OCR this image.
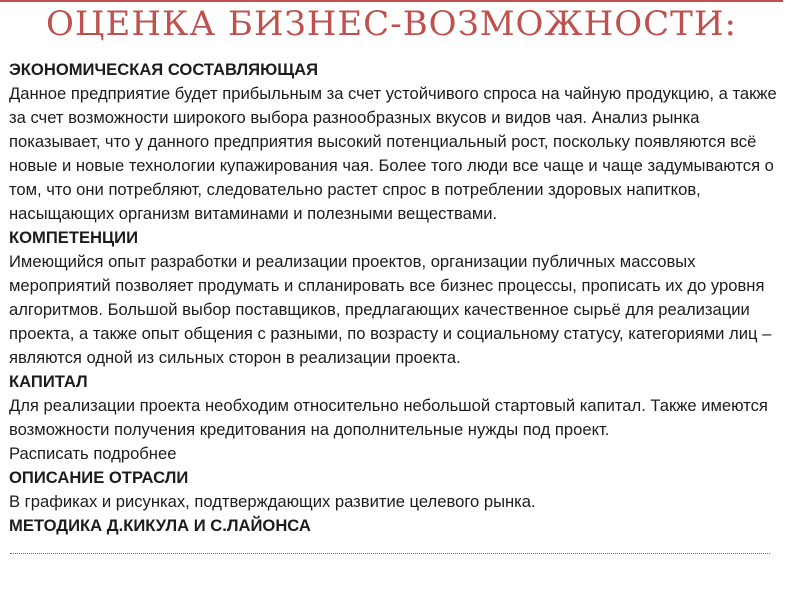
ОЦЕНКА БИЗНЕС-ВОЗМОЖНОСТИ:

ЭКОНОМИЧЕСКАЯ СОСТАВЛЯЮЩАЯ

Данное предприятие будет прибыльным за счет устойчивого спроса на чайную продукцию, а также за счет возможности широкого выбора разнообразных вкусов и видов чая. Анализ рынка показывает, что у данного предприятия высокий потенциальный рост, поскольку появляются всё новые и новые технологии купажирования чая. Более того люди все чаще и чаще задумываются о том, что они потребляют, следовательно растет спрос в потреблении здоровых напитков, насыщающих организм витаминами и полезными веществами.

КОМПЕТЕНЦИИ

Имеющийся опыт разработки и реализации проектов, организации публичных массовых мероприятий позволяет продумать и спланировать все бизнес процессы, прописать их до уровня алгоритмов. Большой выбор поставщиков, предлагающих качественное сырьё для реализации проекта, а также опыт общения с разными, по возрасту и социальному статусу, категориями лиц – являются одной из сильных сторон в реализации проекта.

КАПИТАЛ

Для реализации проекта необходим относительно небольшой стартовый капитал. Также имеются возможности получения кредитования на дополнительные нужды под проект.

Расписать подробнее

ОПИСАНИЕ ОТРАСЛИ

В графиках и рисунках, подтверждающих развитие целевого рынка.

МЕТОДИКА Д.КИКУЛА И С.ЛАЙОНСА
